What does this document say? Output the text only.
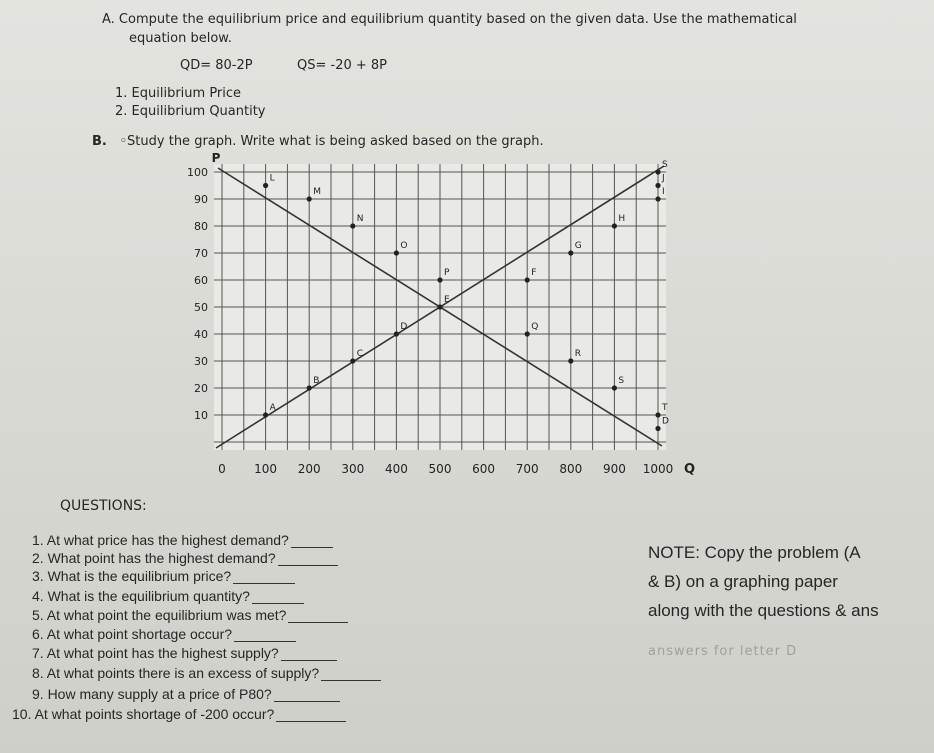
A. Compute the equilibrium price and equilibrium quantity based on the given data. Use the mathematical
equation below.
QD= 80-2P	QS= -20 + 8P
1. Equilibrium Price
2. Equilibrium Quantity
B. ◦Study the graph. Write what is being asked based on the graph.
L
M
N
O
P
E
F
G
H
I
J
S
D
C
B
A
Q
R
S
T
D
10
20
30
40
50
60
70
80
90
100
0 100 200 300 400 500 600 700 800 900 1000
P
Q
QUESTIONS:
1. At what price has the highest demand?
2. What point has the highest demand?
3. What is the equilibrium price?
4. What is the equilibrium quantity?
5. At what point the equilibrium was met?
6. At what point shortage occur?
7. At what point has the highest supply?
8. At what points there is an excess of supply?
9. How many supply at a price of P80?
10. At what points shortage of -200 occur?
NOTE: Copy the problem (A
& B) on a graphing paper
along with the questions & ans
answers for letter D
